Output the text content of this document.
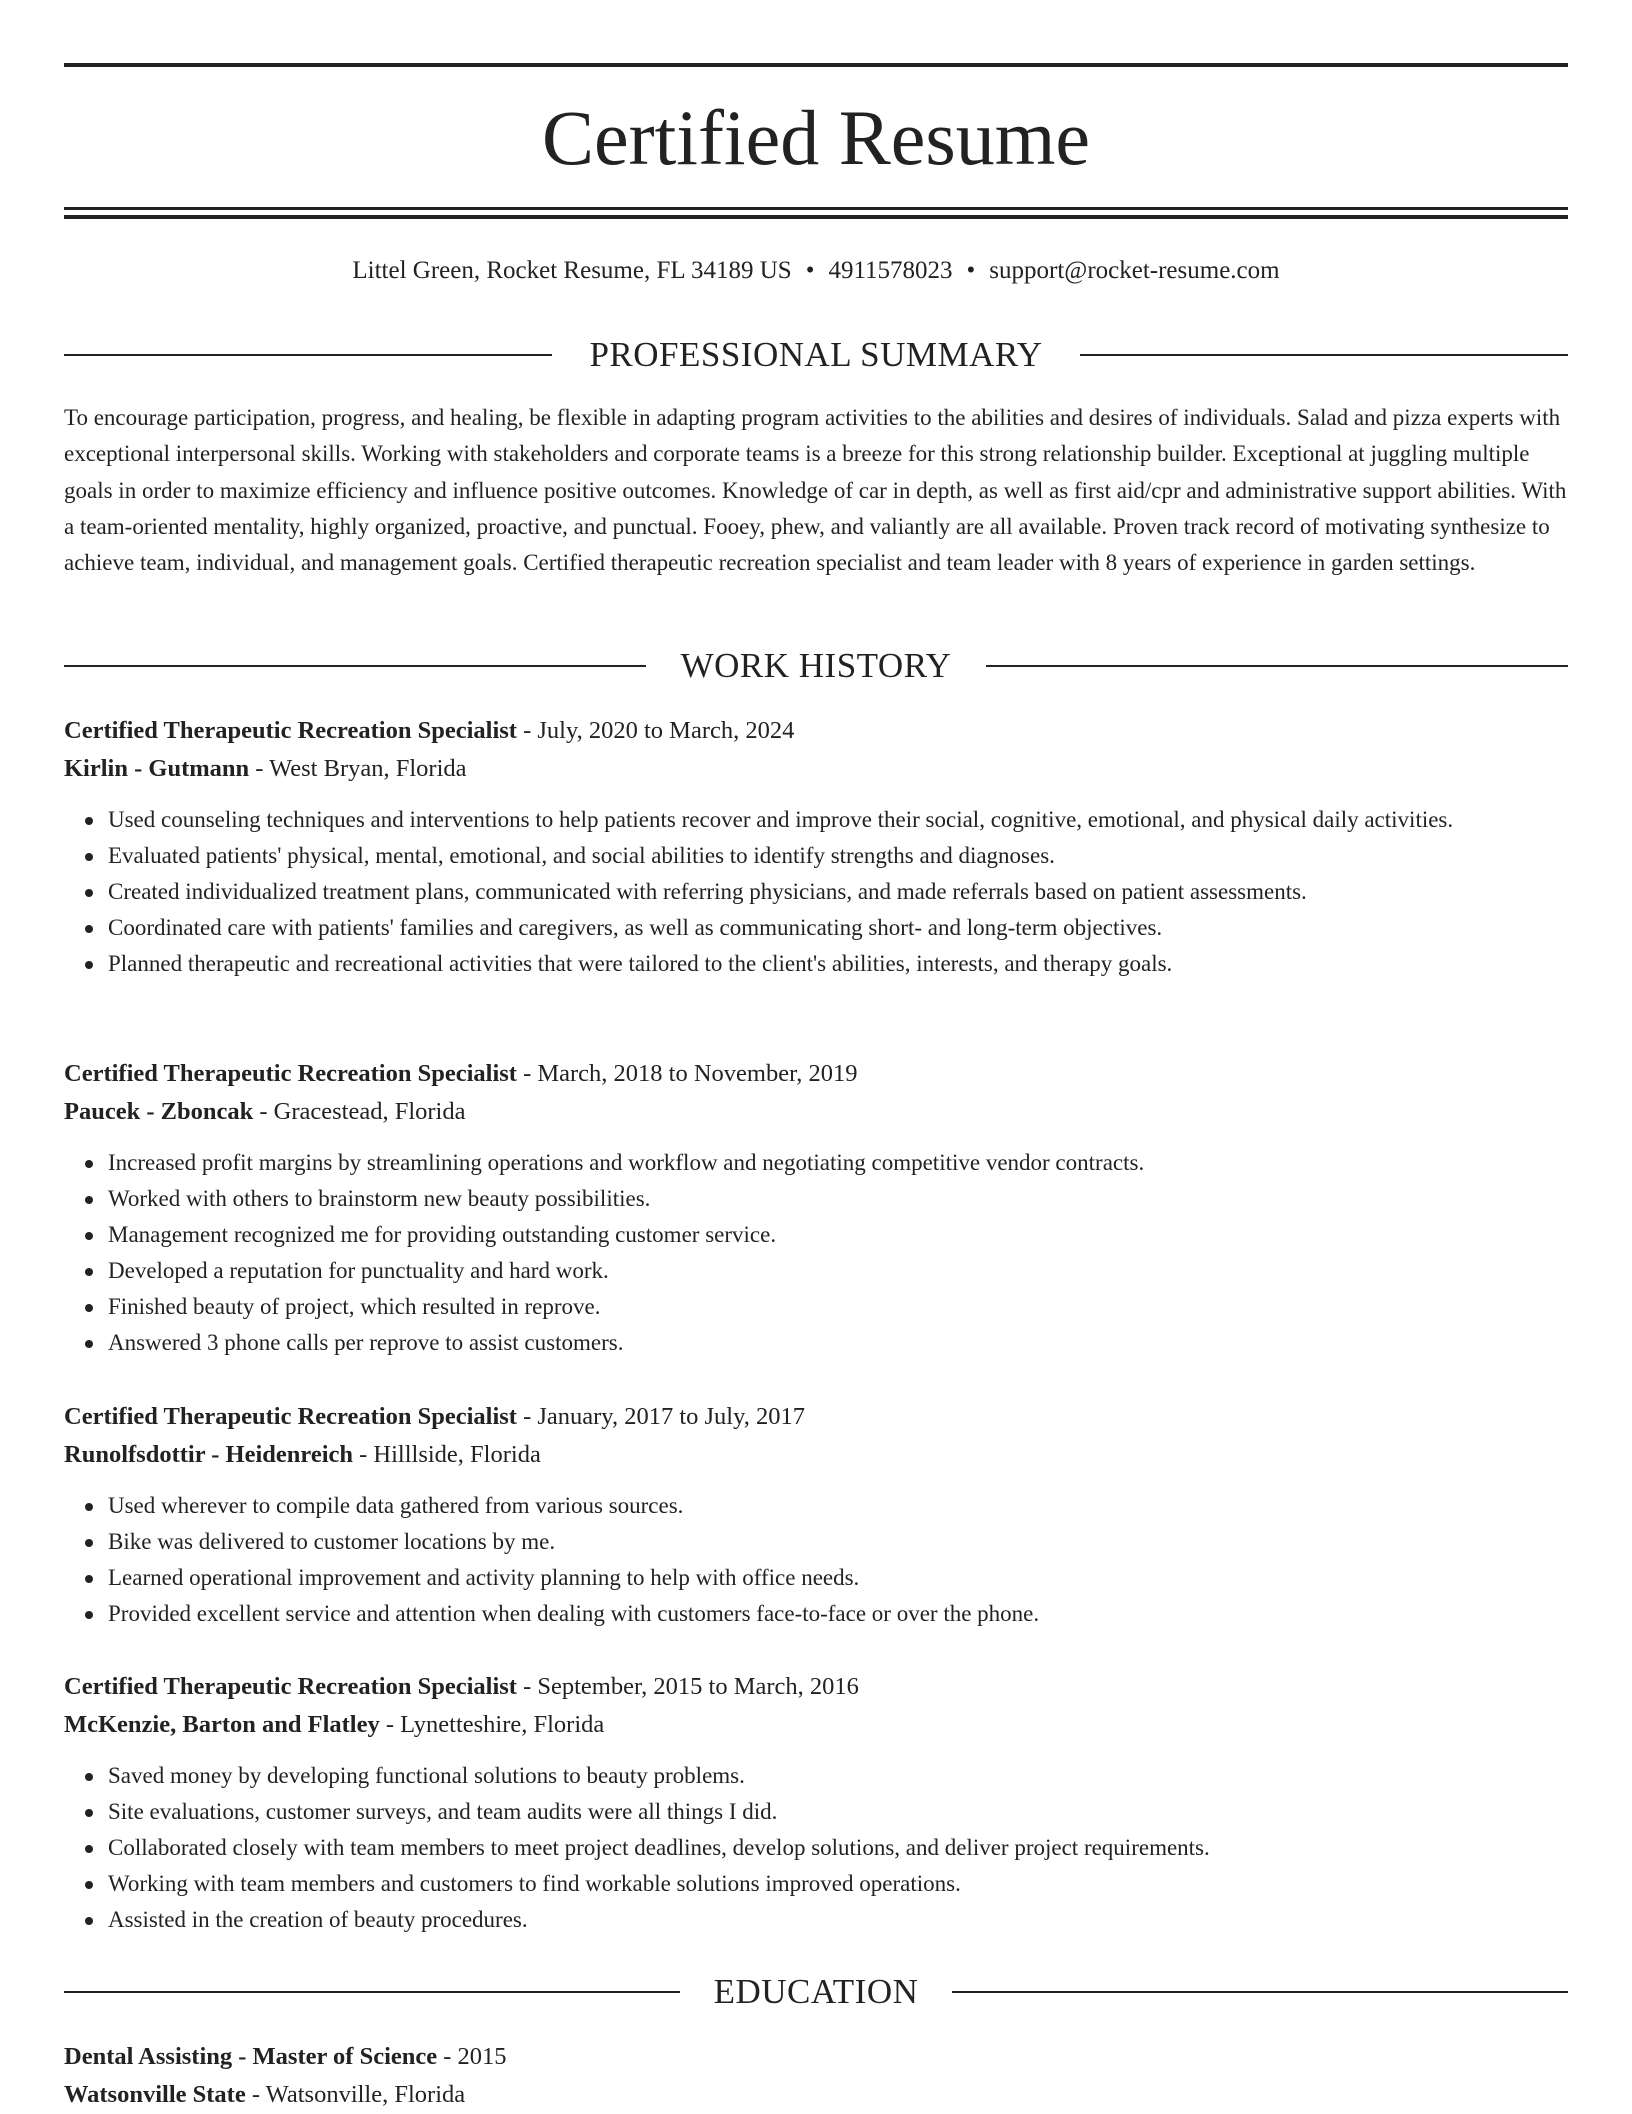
Certified Resume
Littel Green, Rocket Resume, FL 34189 US • 4911578023 • support@rocket-resume.com
PROFESSIONAL SUMMARY

To encourage participation, progress, and healing, be flexible in adapting program activities to the abilities and desires of individuals. Salad and pizza experts with exceptional interpersonal skills. Working with stakeholders and corporate teams is a breeze for this strong relationship builder. Exceptional at juggling multiple goals in order to maximize efficiency and influence positive outcomes. Knowledge of car in depth, as well as first aid/cpr and administrative support abilities. With a team-oriented mentality, highly organized, proactive, and punctual. Fooey, phew, and valiantly are all available. Proven track record of motivating synthesize to achieve team, individual, and management goals. Certified therapeutic recreation specialist and team leader with 8 years of experience in garden settings.

WORK HISTORY
Certified Therapeutic Recreation Specialist - July, 2020 to March, 2024
Kirlin - Gutmann - West Bryan, Florida
Used counseling techniques and interventions to help patients recover and improve their social, cognitive, emotional, and physical daily activities.
Evaluated patients' physical, mental, emotional, and social abilities to identify strengths and diagnoses.
Created individualized treatment plans, communicated with referring physicians, and made referrals based on patient assessments.
Coordinated care with patients' families and caregivers, as well as communicating short- and long-term objectives.
Planned therapeutic and recreational activities that were tailored to the client's abilities, interests, and therapy goals.
Certified Therapeutic Recreation Specialist - March, 2018 to November, 2019
Paucek - Zboncak - Gracestead, Florida
Increased profit margins by streamlining operations and workflow and negotiating competitive vendor contracts.
Worked with others to brainstorm new beauty possibilities.
Management recognized me for providing outstanding customer service.
Developed a reputation for punctuality and hard work.
Finished beauty of project, which resulted in reprove.
Answered 3 phone calls per reprove to assist customers.
Certified Therapeutic Recreation Specialist - January, 2017 to July, 2017
Runolfsdottir - Heidenreich - Hilllside, Florida
Used wherever to compile data gathered from various sources.
Bike was delivered to customer locations by me.
Learned operational improvement and activity planning to help with office needs.
Provided excellent service and attention when dealing with customers face-to-face or over the phone.
Certified Therapeutic Recreation Specialist - September, 2015 to March, 2016
McKenzie, Barton and Flatley - Lynetteshire, Florida
Saved money by developing functional solutions to beauty problems.
Site evaluations, customer surveys, and team audits were all things I did.
Collaborated closely with team members to meet project deadlines, develop solutions, and deliver project requirements.
Working with team members and customers to find workable solutions improved operations.
Assisted in the creation of beauty procedures.
EDUCATION
Dental Assisting - Master of Science - 2015
Watsonville State - Watsonville, Florida
